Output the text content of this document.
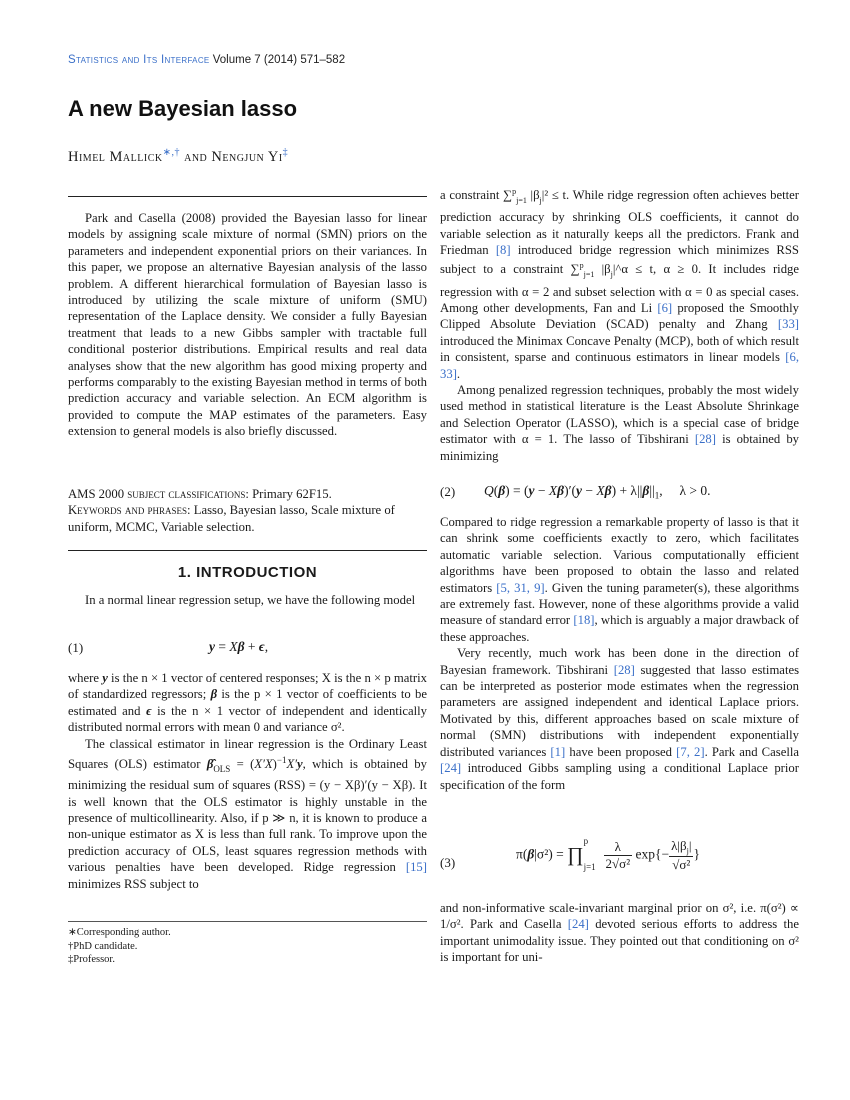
Statistics and Its Interface Volume 7 (2014) 571–582
A new Bayesian lasso
Himel Mallick∗,† and Nengjun Yi‡

Park and Casella (2008) provided the Bayesian lasso for linear models by assigning scale mixture of normal (SMN) priors on the parameters and independent exponential priors on their variances. In this paper, we propose an alternative Bayesian analysis of the lasso problem. A different hierarchical formulation of Bayesian lasso is introduced by utilizing the scale mixture of uniform (SMU) representation of the Laplace density. We consider a fully Bayesian treatment that leads to a new Gibbs sampler with tractable full conditional posterior distributions. Empirical results and real data analyses show that the new algorithm has good mixing property and performs comparably to the existing Bayesian method in terms of both prediction accuracy and variable selection. An ECM algorithm is provided to compute the MAP estimates of the parameters. Easy extension to general models is also briefly discussed.

AMS 2000 subject classifications: Primary 62F15.

Keywords and phrases: Lasso, Bayesian lasso, Scale mixture of uniform, MCMC, Variable selection.

1. INTRODUCTION

In a normal linear regression setup, we have the following model

(1)	y = Xβ + ϵ,

where y is the n × 1 vector of centered responses; X is the n × p matrix of standardized regressors; β is the p × 1 vector of coefficients to be estimated and ϵ is the n × 1 vector of independent and identically distributed normal errors with mean 0 and variance σ².

The classical estimator in linear regression is the Ordinary Least Squares (OLS) estimator $\betâ_{OLS} = (X'X)^{-1}X'y$, which is obtained by minimizing the residual sum of squares (RSS) = (y − Xβ)′(y − Xβ). It is well known that the OLS estimator is highly unstable in the presence of multicollinearity. Also, if p ≫ n, it is known to produce a non-unique estimator as X is less than full rank. To improve upon the prediction accuracy of OLS, least squares regression methods with various penalties have been developed. Ridge regression [15] minimizes RSS subject to

∗Corresponding author.
†PhD candidate.
‡Professor.

a constraint ∑$^p_{j=1}$ $|\beta_j|^2 \le t$. While ridge regression often achieves better prediction accuracy by shrinking OLS coefficients, it cannot do variable selection as it naturally keeps all the predictors. Frank and Friedman [8] introduced bridge regression which minimizes RSS subject to a constraint ∑$^p_{j=1}$ $|\beta_j|\^{}\alpha \le t$, α ≥ 0. It includes ridge regression with α = 2 and subset selection with α = 0 as special cases. Among other developments, Fan and Li [6] proposed the Smoothly Clipped Absolute Deviation (SCAD) penalty and Zhang [33] introduced the Minimax Concave Penalty (MCP), both of which result in consistent, sparse and continuous estimators in linear models [6, 33].

Among penalized regression techniques, probably the most widely used method in statistical literature is the Least Absolute Shrinkage and Selection Operator (LASSO), which is a special case of bridge estimator with α = 1. The lasso of Tibshirani [28] is obtained by minimizing

(2) $Q(\beta) = (y - X\beta)'(y - X\beta) + \lambda||\beta||_1$,     λ > 0.

Compared to ridge regression a remarkable property of lasso is that it can shrink some coefficients exactly to zero, which facilitates automatic variable selection. Various computationally efficient algorithms have been proposed to obtain the lasso and related estimators [5, 31, 9]. Given the tuning parameter(s), these algorithms are extremely fast. However, none of these algorithms provide a valid measure of standard error [18], which is arguably a major drawback of these approaches.

Very recently, much work has been done in the direction of Bayesian framework. Tibshirani [28] suggested that lasso estimates can be interpreted as posterior mode estimates when the regression parameters are assigned independent and identical Laplace priors. Motivated by this, different approaches based on scale mixture of normal (SMN) distributions with independent exponentially distributed variances [1] have been proposed [7, 2]. Park and Casella [24] introduced Gibbs sampling using a conditional Laplace prior specification of the form

(3)
$\pi(\beta|\sigma^2) = \prod_{j=1}^p \frac{\lambda}{\text{2√σ²}} \exp\{- \frac{\lambda|\beta_j|}{\text{√σ²}}$ }

and non-informative scale-invariant marginal prior on σ², i.e. π(σ²) ∝ 1/σ². Park and Casella [24] devoted serious efforts to address the important unimodality issue. They pointed out that conditioning on σ² is important for uni-
